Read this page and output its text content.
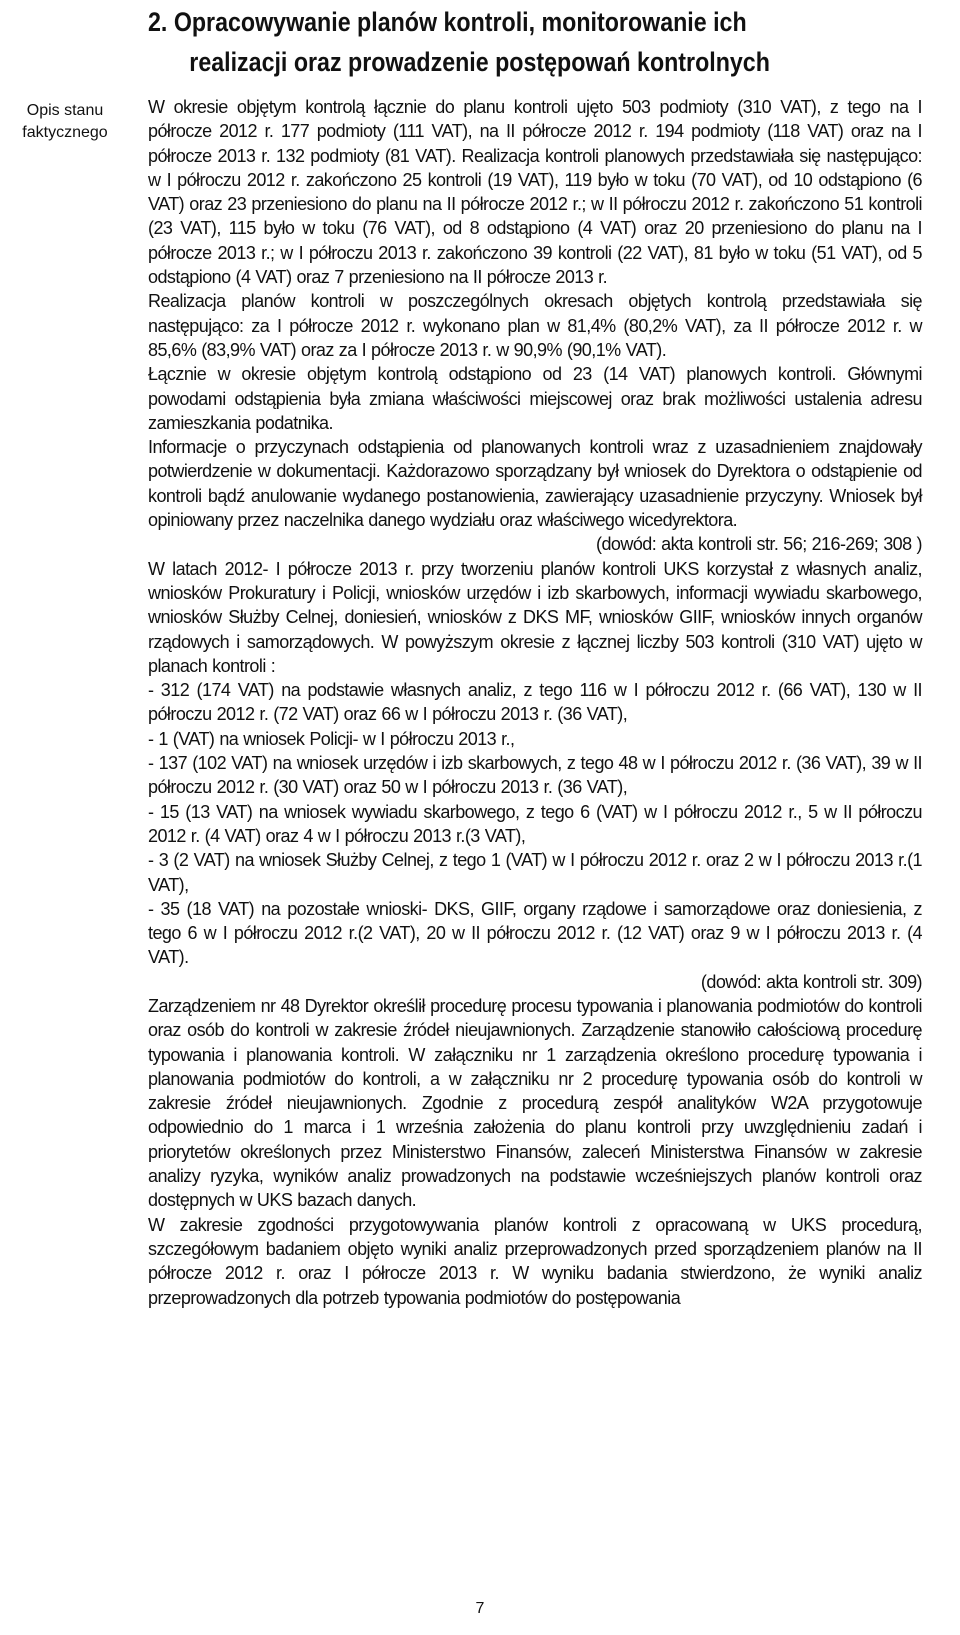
2. Opracowywanie planów kontroli, monitorowanie ich
realizacji oraz prowadzenie postępowań kontrolnych
Opis stanu faktycznego

W okresie objętym kontrolą łącznie do planu kontroli ujęto 503 podmioty (310 VAT), z tego na I półrocze 2012 r. 177 podmioty (111 VAT), na II półrocze 2012 r. 194 podmioty (118 VAT) oraz na I półrocze 2013 r. 132 podmioty (81 VAT). Realizacja kontroli planowych przedstawiała się następująco: w I półroczu 2012 r. zakończono 25 kontroli (19 VAT), 119 było w toku (70 VAT), od 10 odstąpiono (6 VAT) oraz 23 przeniesiono do planu na II półrocze 2012 r.; w II półroczu 2012 r. zakończono 51 kontroli (23 VAT), 115 było w toku (76 VAT), od 8 odstąpiono (4 VAT) oraz 20 przeniesiono do planu na I półrocze 2013 r.; w I półroczu 2013 r. zakończono 39 kontroli (22 VAT), 81 było w toku (51 VAT), od 5 odstąpiono (4 VAT) oraz 7 przeniesiono na II półrocze 2013 r.

Realizacja planów kontroli w poszczególnych okresach objętych kontrolą przedstawiała się następująco: za I półrocze 2012 r. wykonano plan w 81,4% (80,2% VAT), za II półrocze 2012 r. w 85,6% (83,9% VAT) oraz za I półrocze 2013 r. w 90,9% (90,1% VAT).

Łącznie w okresie objętym kontrolą odstąpiono od 23 (14 VAT) planowych kontroli. Głównymi powodami odstąpienia była zmiana właściwości miejscowej oraz brak możliwości ustalenia adresu zamieszkania podatnika.

Informacje o przyczynach odstąpienia od planowanych kontroli wraz z uzasadnieniem znajdowały potwierdzenie w dokumentacji. Każdorazowo sporządzany był wniosek do Dyrektora o odstąpienie od kontroli bądź anulowanie wydanego postanowienia, zawierający uzasadnienie przyczyny. Wniosek był opiniowany przez naczelnika danego wydziału oraz właściwego wicedyrektora.

(dowód: akta kontroli str. 56; 216-269; 308 )

W latach 2012- I półrocze 2013 r. przy tworzeniu planów kontroli UKS korzystał z własnych analiz, wniosków Prokuratury i Policji, wniosków urzędów i izb skarbowych, informacji wywiadu skarbowego, wniosków Służby Celnej, doniesień, wniosków z DKS MF, wniosków GIIF, wniosków innych organów rządowych i samorządowych. W powyższym okresie z łącznej liczby 503 kontroli (310 VAT) ujęto w planach kontroli :

- 312 (174 VAT) na podstawie własnych analiz, z tego 116 w I półroczu 2012 r. (66 VAT), 130 w II półroczu 2012 r. (72 VAT) oraz 66 w I półroczu 2013 r. (36 VAT),

- 1 (VAT) na wniosek Policji- w I półroczu 2013 r.,

- 137 (102 VAT) na wniosek urzędów i izb skarbowych, z tego 48 w I półroczu 2012 r. (36 VAT), 39 w II półroczu 2012 r. (30 VAT) oraz 50 w I półroczu 2013 r. (36 VAT),

- 15 (13 VAT) na wniosek wywiadu skarbowego, z tego 6 (VAT) w I półroczu 2012 r., 5 w II półroczu 2012 r. (4 VAT) oraz 4 w I półroczu 2013 r.(3 VAT),

- 3 (2 VAT) na wniosek Służby Celnej, z tego 1 (VAT) w I półroczu 2012 r. oraz 2 w I półroczu 2013 r.(1 VAT),

- 35 (18 VAT) na pozostałe wnioski- DKS, GIIF, organy rządowe i samorządowe oraz doniesienia, z tego 6 w I półroczu 2012 r.(2 VAT), 20 w II półroczu 2012 r. (12 VAT) oraz 9 w I półroczu 2013 r. (4 VAT).

(dowód: akta kontroli str. 309)

Zarządzeniem nr 48 Dyrektor określił procedurę procesu typowania i planowania podmiotów do kontroli oraz osób do kontroli w zakresie źródeł nieujawnionych. Zarządzenie stanowiło całościową procedurę typowania i planowania kontroli. W załączniku nr 1 zarządzenia określono procedurę typowania i planowania podmiotów do kontroli, a w załączniku nr 2 procedurę typowania osób do kontroli w zakresie źródeł nieujawnionych. Zgodnie z procedurą zespół analityków W2A przygotowuje odpowiednio do 1 marca i 1 września założenia do planu kontroli przy uwzględnieniu zadań i priorytetów określonych przez Ministerstwo Finansów, zaleceń Ministerstwa Finansów w zakresie analizy ryzyka, wyników analiz prowadzonych na podstawie wcześniejszych planów kontroli oraz dostępnych w UKS bazach danych.

W zakresie zgodności przygotowywania planów kontroli z opracowaną w UKS procedurą, szczegółowym badaniem objęto wyniki analiz przeprowadzonych przed sporządzeniem planów na II półrocze 2012 r. oraz I półrocze 2013 r. W wyniku badania stwierdzono, że wyniki analiz przeprowadzonych dla potrzeb typowania podmiotów do postępowania

7
